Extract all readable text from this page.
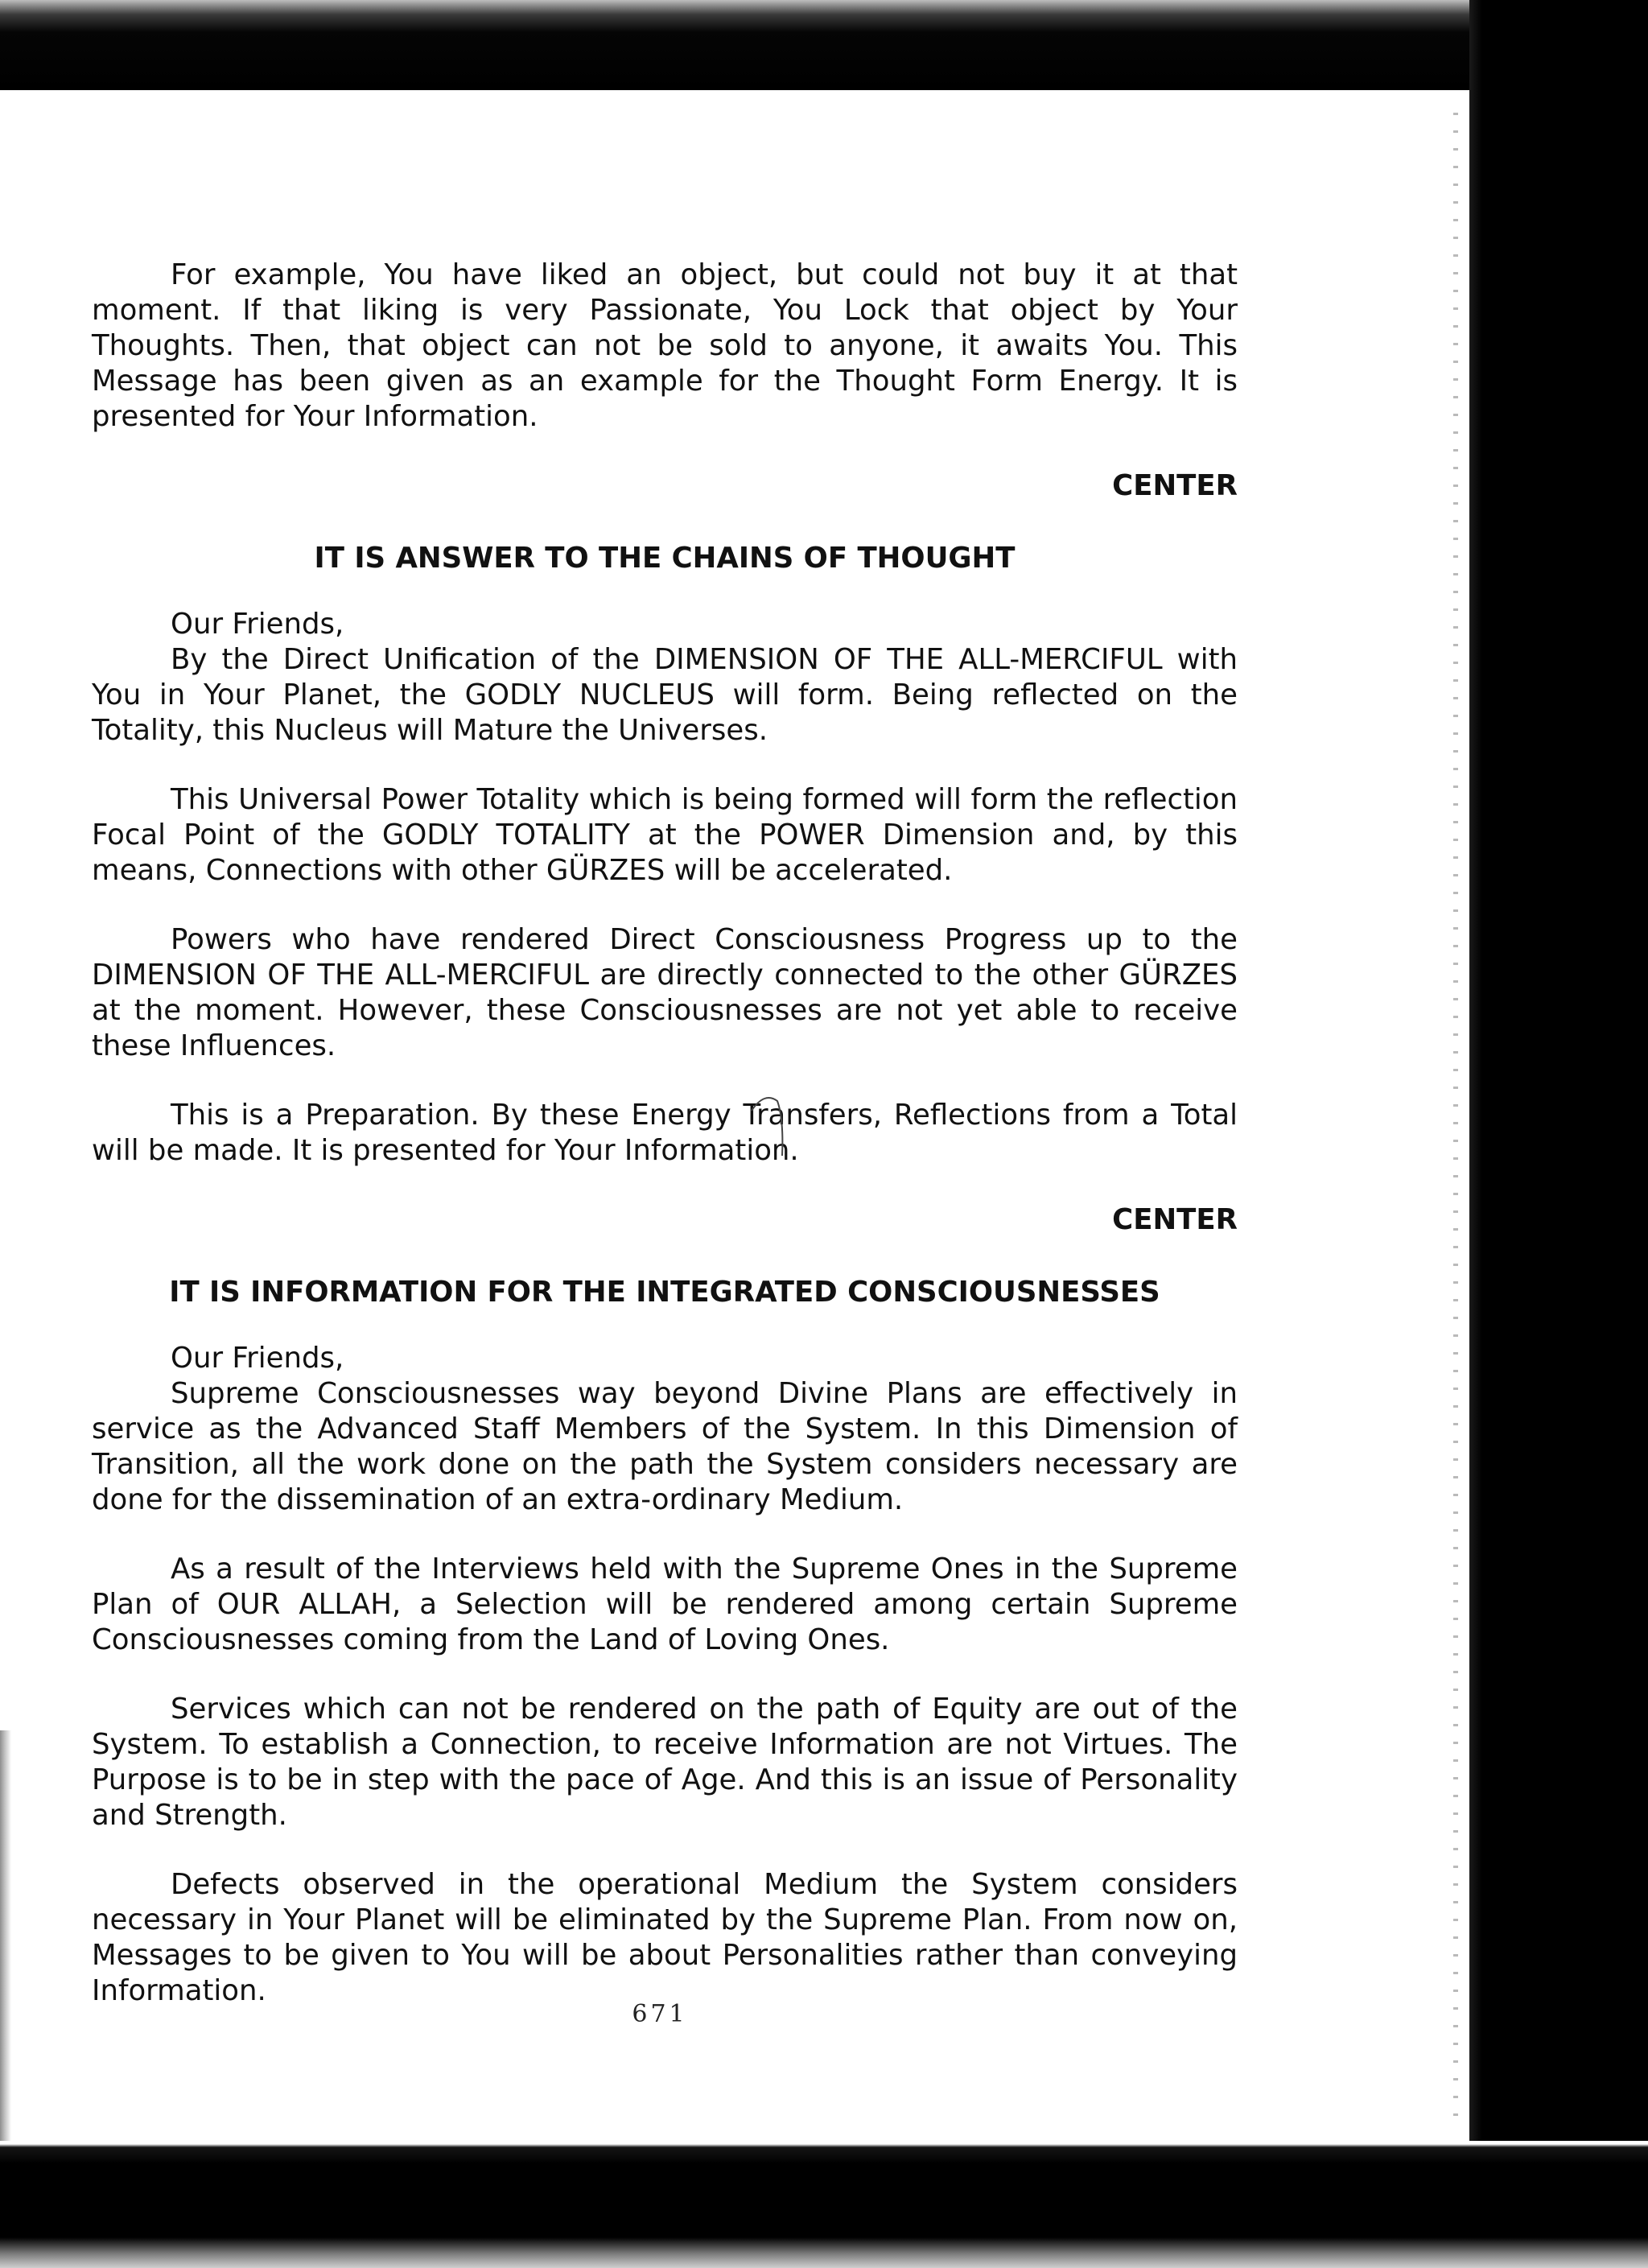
For example, You have liked an object, but could not buy it at that moment. If that liking is very Passionate, You Lock that object by Your Thoughts. Then, that object can not be sold to anyone, it awaits You. This Message has been given as an example for the Thought Form Energy. It is presented for Your Information.

CENTER

IT IS ANSWER TO THE CHAINS OF THOUGHT

Our Friends,

By the Direct Unification of the DIMENSION OF THE ALL-MERCIFUL with You in Your Planet, the GODLY NUCLEUS will form. Being reflected on the Totality, this Nucleus will Mature the Universes.

This Universal Power Totality which is being formed will form the reflection Focal Point of the GODLY TOTALITY at the POWER Dimension and, by this means, Connections with other GÜRZES will be accelerated.

Powers who have rendered Direct Consciousness Progress up to the DIMENSION OF THE ALL-MERCIFUL are directly connected to the other GÜRZES at the moment. However, these Consciousnesses are not yet able to receive these Influences.

This is a Preparation. By these Energy Transfers, Reflections from a Total will be made. It is presented for Your Information.

CENTER

IT IS INFORMATION FOR THE INTEGRATED CONSCIOUSNESSES

Our Friends,

Supreme Consciousnesses way beyond Divine Plans are effectively in service as the Advanced Staff Members of the System. In this Dimension of Transition, all the work done on the path the System considers necessary are done for the dissemination of an extra-ordinary Medium.

As a result of the Interviews held with the Supreme Ones in the Supreme Plan of OUR ALLAH, a Selection will be rendered among certain Supreme Consciousnesses coming from the Land of Loving Ones.

Services which can not be rendered on the path of Equity are out of the System. To establish a Connection, to receive Information are not Virtues. The Purpose is to be in step with the pace of Age. And this is an issue of Personality and Strength.

Defects observed in the operational Medium the System considers necessary in Your Planet will be eliminated by the Supreme Plan. From now on, Messages to be given to You will be about Personalities rather than conveying Information.

671
